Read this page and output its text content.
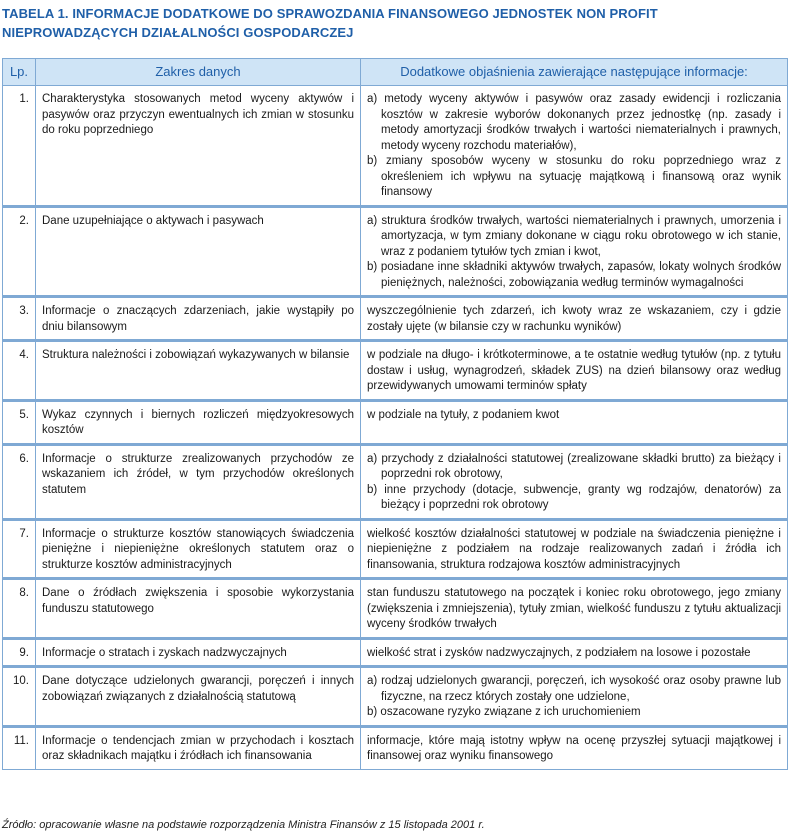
TABELA 1. INFORMACJE DODATKOWE DO SPRAWOZDANIA FINANSOWEGO JEDNOSTEK NON PROFIT NIEPROWADZĄCYCH DZIAŁALNOŚCI GOSPODARCZEJ
Lp.	Zakres danych	Dodatkowe objaśnienia zawierające następujące informacje:
1.	Charakterystyka stosowanych metod wyceny aktywów i pasywów oraz przyczyn ewentualnych ich zmian w stosunku do roku poprzedniego	a) metody wyceny aktywów i pasywów oraz zasady ewidencji i rozliczania kosztów w zakresie wyborów dokonanych przez jednostkę (np. zasady i metody amortyzacji środków trwałych i wartości niematerialnych i prawnych, metody wyceny rozchodu materiałów),
b) zmiany sposobów wyceny w stosunku do roku poprzedniego wraz z określeniem ich wpływu na sytuację majątkową i finansową oraz wynik finansowy

2.	Dane uzupełniające o aktywach i pasywach	a) struktura środków trwałych, wartości niematerialnych i prawnych, umorzenia i amortyzacja, w tym zmiany dokonane w ciągu roku obrotowego w ich stanie, wraz z podaniem tytułów tych zmian i kwot,
b) posiadane inne składniki aktywów trwałych, zapasów, lokaty wolnych środków pieniężnych, należności, zobowiązania według terminów wymagalności

3.	Informacje o znaczących zdarzeniach, jakie wystąpiły po dniu bilansowym	wyszczególnienie tych zdarzeń, ich kwoty wraz ze wskazaniem, czy i gdzie zostały ujęte (w bilansie czy w rachunku wyników)

4.	Struktura należności i zobowiązań wykazywanych w bilansie	w podziale na długo- i krótkoterminowe, a te ostatnie według tytułów (np. z tytułu dostaw i usług, wynagrodzeń, składek ZUS) na dzień bilansowy oraz według przewidywanych umowami terminów spłaty

5.	Wykaz czynnych i biernych rozliczeń międzyokresowych kosztów	w podziale na tytuły, z podaniem kwot

6.	Informacje o strukturze zrealizowanych przychodów ze wskazaniem ich źródeł, w tym przychodów określonych statutem	a) przychody z działalności statutowej (zrealizowane składki brutto) za bieżący i poprzedni rok obrotowy,
b) inne przychody (dotacje, subwencje, granty wg rodzajów, denatorów) za bieżący i poprzedni rok obrotowy

7.	Informacje o strukturze kosztów stanowiących świadczenia pieniężne i niepieniężne określonych statutem oraz o strukturze kosztów administracyjnych	wielkość kosztów działalności statutowej w podziale na świadczenia pieniężne i niepieniężne z podziałem na rodzaje realizowanych zadań i źródła ich finansowania, struktura rodzajowa kosztów administracyjnych

8.	Dane o źródłach zwiększenia i sposobie wykorzystania funduszu statutowego	stan funduszu statutowego na początek i koniec roku obrotowego, jego zmiany (zwiększenia i zmniejszenia), tytuły zmian, wielkość funduszu z tytułu aktualizacji wyceny środków trwałych

9.	Informacje o stratach i zyskach nadzwyczajnych	wielkość strat i zysków nadzwyczajnych, z podziałem na losowe i pozostałe

10.	Dane dotyczące udzielonych gwarancji, poręczeń i innych zobowiązań związanych z działalnością statutową	a) rodzaj udzielonych gwarancji, poręczeń, ich wysokość oraz osoby prawne lub fizyczne, na rzecz których zostały one udzielone,
b) oszacowane ryzyko związane z ich uruchomieniem

11.	Informacje o tendencjach zmian w przychodach i kosztach oraz składnikach majątku i źródłach ich finansowania	informacje, które mają istotny wpływ na ocenę przyszłej sytuacji majątkowej i finansowej oraz wyniku finansowego
Źródło: opracowanie własne na podstawie rozporządzenia Ministra Finansów z 15 listopada 2001 r.
